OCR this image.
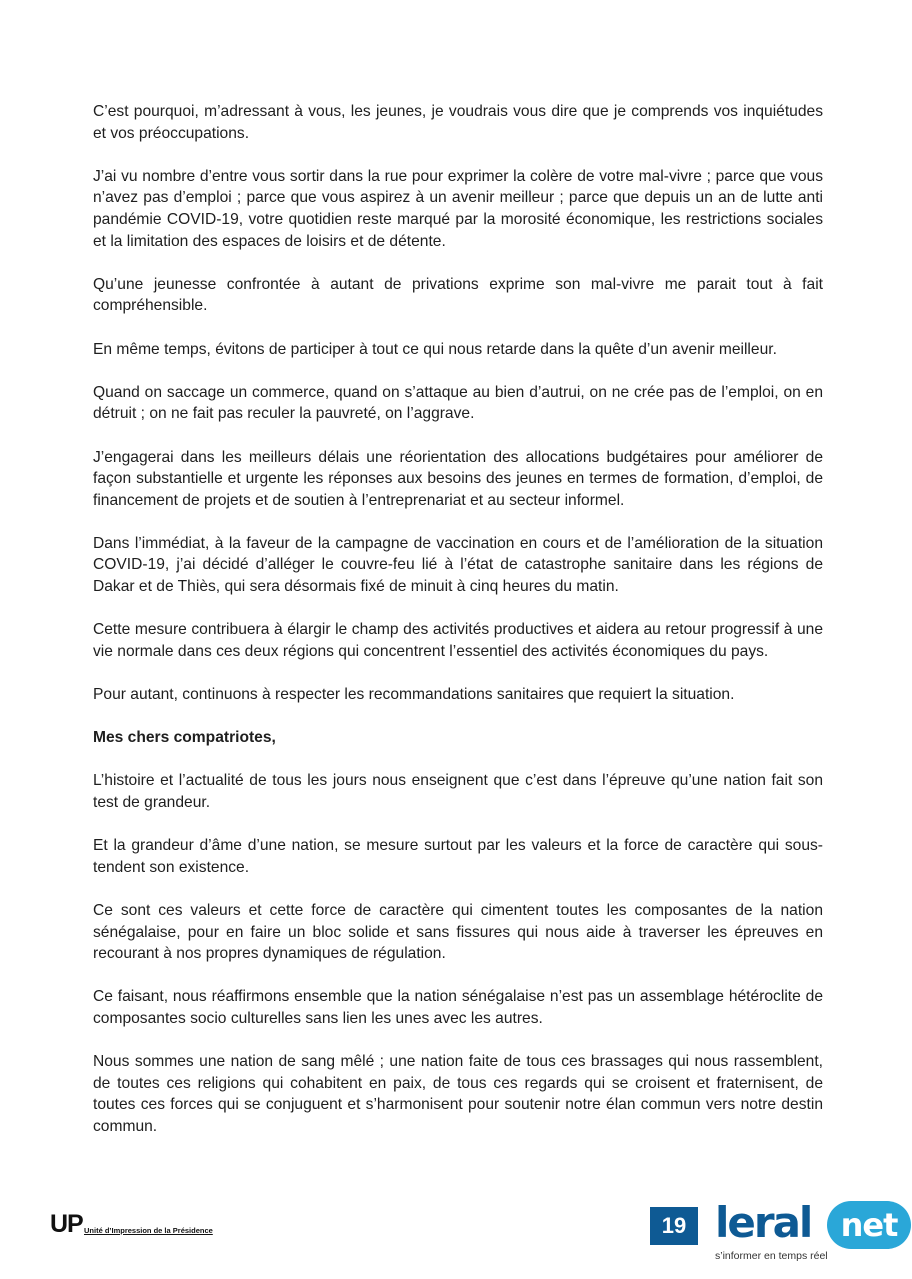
C’est pourquoi, m’adressant à vous, les jeunes, je voudrais vous dire que je comprends vos inquiétudes et vos préoccupations.

J’ai vu nombre d’entre vous sortir dans la rue pour exprimer la colère de votre mal-vivre ; parce que vous n’avez pas d’emploi ; parce que vous aspirez à un avenir meilleur ; parce que depuis un an de lutte anti pandémie COVID-19, votre quotidien reste marqué par la morosité économique, les restrictions sociales et la limitation des espaces de loisirs et de détente.

Qu’une jeunesse confrontée à autant de privations exprime son mal-vivre me parait tout à fait compréhensible.

En même temps, évitons de participer à tout ce qui nous retarde dans la quête d’un avenir meilleur.

Quand on saccage un commerce, quand on s’attaque au bien d’autrui, on ne crée pas de l’emploi, on en détruit ; on ne fait pas reculer la pauvreté, on l’aggrave.

J’engagerai dans les meilleurs délais une réorientation des allocations budgétaires pour améliorer de façon substantielle et urgente les réponses aux besoins des jeunes en termes de formation, d’emploi, de financement de projets et de soutien à l’entreprenariat et au secteur informel.

Dans l’immédiat, à la faveur de la campagne de vaccination en cours et de l’amélioration de la situation COVID-19, j’ai décidé d’alléger le couvre-feu lié à l’état de catastrophe sanitaire dans les régions de Dakar et de Thiès, qui sera désormais fixé de minuit à cinq heures du matin.

Cette mesure contribuera à élargir le champ des activités productives et aidera au retour progressif à une vie normale dans ces deux régions qui concentrent l’essentiel des activités économiques du pays.

Pour autant, continuons à respecter les recommandations sanitaires que requiert la situation.

Mes chers compatriotes,

L’histoire et l’actualité de tous les jours nous enseignent que c’est dans l’épreuve qu’une nation fait son test de grandeur.

Et la grandeur d’âme d’une nation, se mesure surtout par les valeurs et la force de caractère qui sous-tendent son existence.

Ce sont ces valeurs et cette force de caractère qui cimentent toutes les composantes de la nation sénégalaise, pour en faire un bloc solide et sans fissures qui nous aide à traverser les épreuves en recourant à nos propres dynamiques de régulation.

Ce faisant, nous réaffirmons ensemble que la nation sénégalaise n’est pas un assemblage hétéroclite de composantes socio culturelles sans lien les unes avec les autres.

Nous sommes une nation de sang mêlé ; une nation faite de tous ces brassages qui nous rassemblent, de toutes ces religions qui cohabitent en paix, de tous ces regards qui se croisent et fraternisent, de toutes ces forces qui se conjuguent et s’harmonisent pour soutenir notre élan commun vers notre destin commun.

UP Unité d’Impression de la Présidence	19 leral net
s’informer en temps réel
